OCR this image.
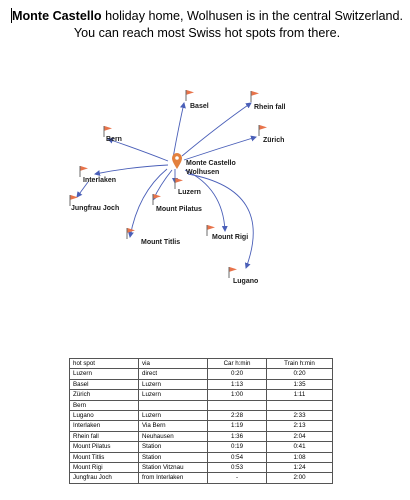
Monte Castello holiday home, Wolhusen is in the central Switzerland.
You can reach most Swiss hot spots from there.
Monte Castello
Wolhusen
Basel	Rhein fall
Zürich
Bern
Interlaken
Jungfrau Joch
Luzern
Mount Pilatus
Mount Titlis
Mount Rigi
Lugano
hot spot	via	Car h:min	Train h:min
Luzern	direct	0:20	0:20
Basel	Luzern	1:13	1:35
Zürich	Luzern	1:00	1:11
Bern			
Lugano	Luzern	2:28	2:33
Interlaken	Via Bern	1:19	2:13
Rhein fall	Neuhausen	1:36	2:04
Mount Pilatus	Station	0:19	0:41
Mount Titlis	Station	0:54	1:08
Mount Rigi	Station Vitznau	0:53	1:24
Jungfrau Joch	from Interlaken	-	2:00
